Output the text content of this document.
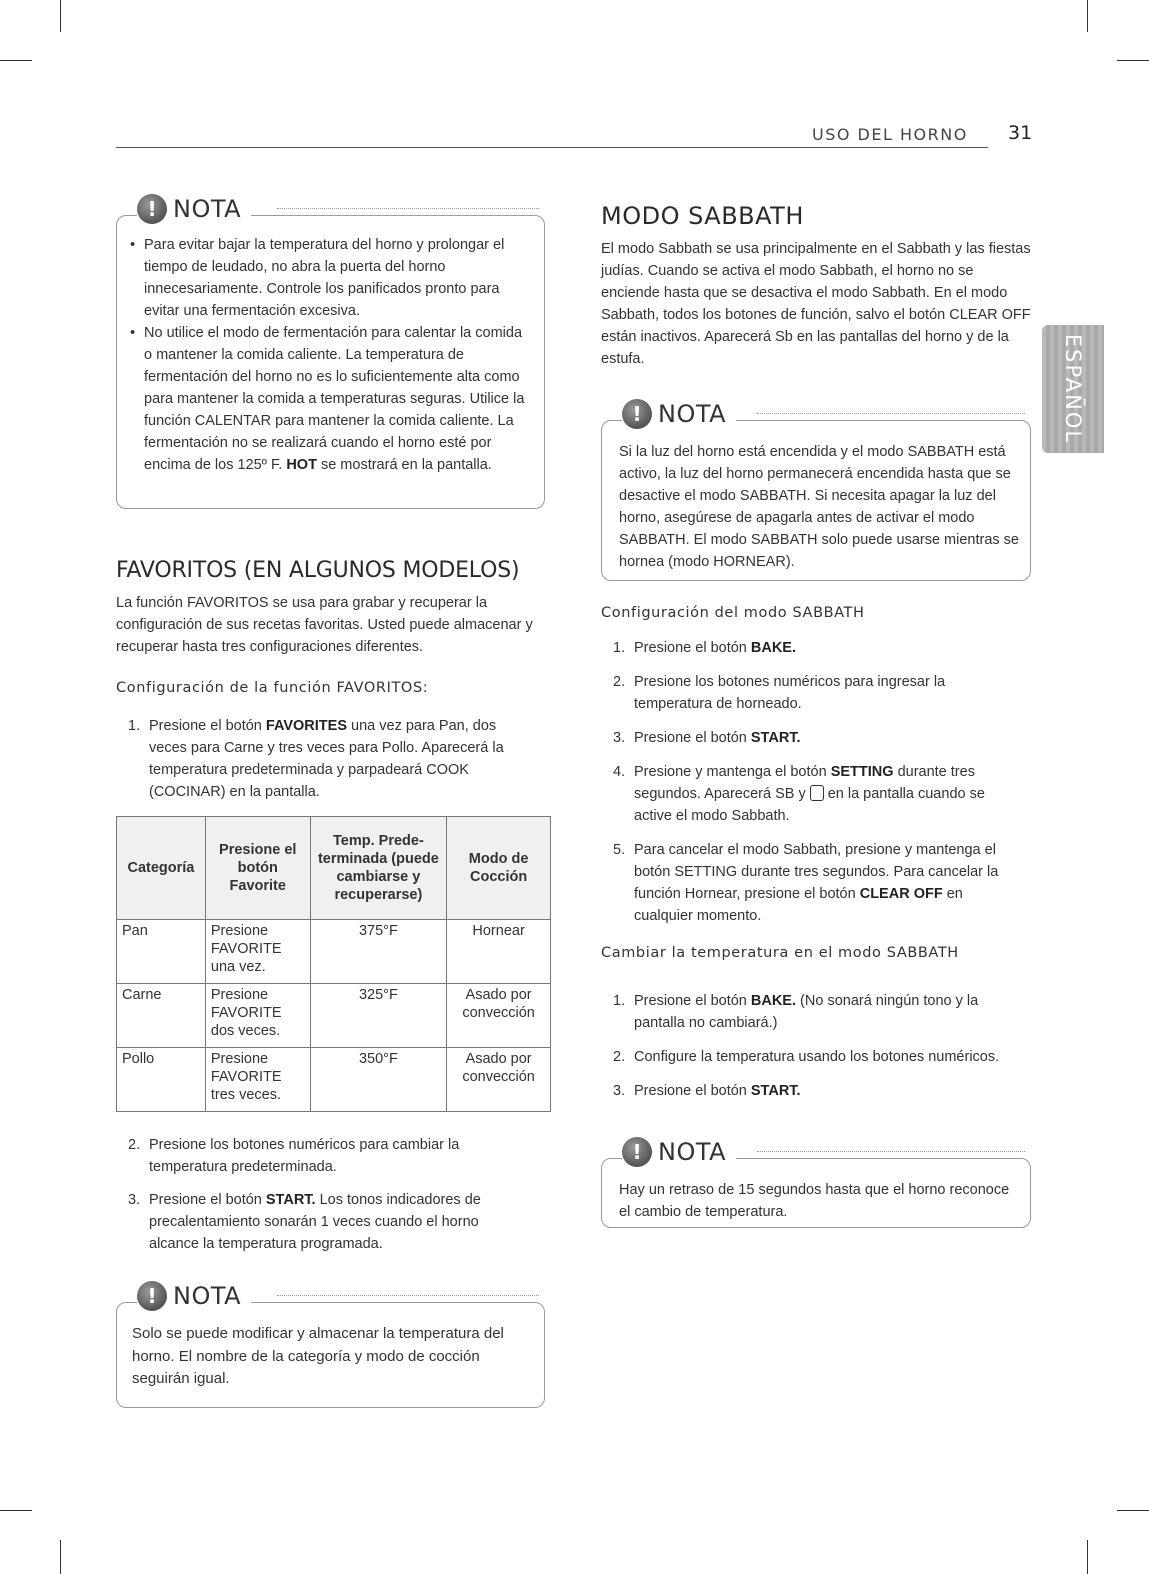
USO DEL HORNO 31
ESPAÑOL
! NOTA
• Para evitar bajar la temperatura del horno y prolongar el tiempo de leudado, no abra la puerta del horno innecesariamente. Controle los panificados pronto para evitar una fermentación excesiva.
• No utilice el modo de fermentación para calentar la comida o mantener la comida caliente. La temperatura de fermentación del horno no es lo suficientemente alta como para mantener la comida a temperaturas seguras. Utilice la función CALENTAR para mantener la comida caliente. La fermentación no se realizará cuando el horno esté por encima de los 125º F. HOT se mostrará en la pantalla.
FAVORITOS (EN ALGUNOS MODELOS)
La función FAVORITOS se usa para grabar y recuperar la configuración de sus recetas favoritas. Usted puede almacenar y recuperar hasta tres configuraciones diferentes.
Configuración de la función FAVORITOS:
1. Presione el botón FAVORITES una vez para Pan, dos veces para Carne y tres veces para Pollo. Aparecerá la temperatura predeterminada y parpadeará COOK (COCINAR) en la pantalla.
Categoría	Presione el botón Favorite	Temp. Prede-terminada (puede cambiarse y recuperarse)	Modo de Cocción
Pan	Presione FAVORITE una vez.	375°F	Hornear
Carne	Presione FAVORITE dos veces.	325°F	Asado por convección
Pollo	Presione FAVORITE tres veces.	350°F	Asado por convección
2. Presione los botones numéricos para cambiar la temperatura predeterminada.
3. Presione el botón START. Los tonos indicadores de precalentamiento sonarán 1 veces cuando el horno alcance la temperatura programada.
! NOTA
Solo se puede modificar y almacenar la temperatura del horno. El nombre de la categoría y modo de cocción seguirán igual.
MODO SABBATH
El modo Sabbath se usa principalmente en el Sabbath y las fiestas judías. Cuando se activa el modo Sabbath, el horno no se enciende hasta que se desactiva el modo Sabbath. En el modo Sabbath, todos los botones de función, salvo el botón CLEAR OFF están inactivos. Aparecerá Sb en las pantallas del horno y de la estufa.
! NOTA
Si la luz del horno está encendida y el modo SABBATH está activo, la luz del horno permanecerá encendida hasta que se desactive el modo SABBATH. Si necesita apagar la luz del horno, asegúrese de apagarla antes de activar el modo SABBATH. El modo SABBATH solo puede usarse mientras se hornea (modo HORNEAR).
Configuración del modo SABBATH
1. Presione el botón BAKE.
2. Presione los botones numéricos para ingresar la temperatura de horneado.
3. Presione el botón START.
4. Presione y mantenga el botón SETTING durante tres segundos. Aparecerá SB y en la pantalla cuando se active el modo Sabbath.
5. Para cancelar el modo Sabbath, presione y mantenga el botón SETTING durante tres segundos. Para cancelar la función Hornear, presione el botón CLEAR OFF en cualquier momento.
Cambiar la temperatura en el modo SABBATH
1. Presione el botón BAKE. (No sonará ningún tono y la pantalla no cambiará.)
2. Configure la temperatura usando los botones numéricos.
3. Presione el botón START.
! NOTA
Hay un retraso de 15 segundos hasta que el horno reconoce el cambio de temperatura.
